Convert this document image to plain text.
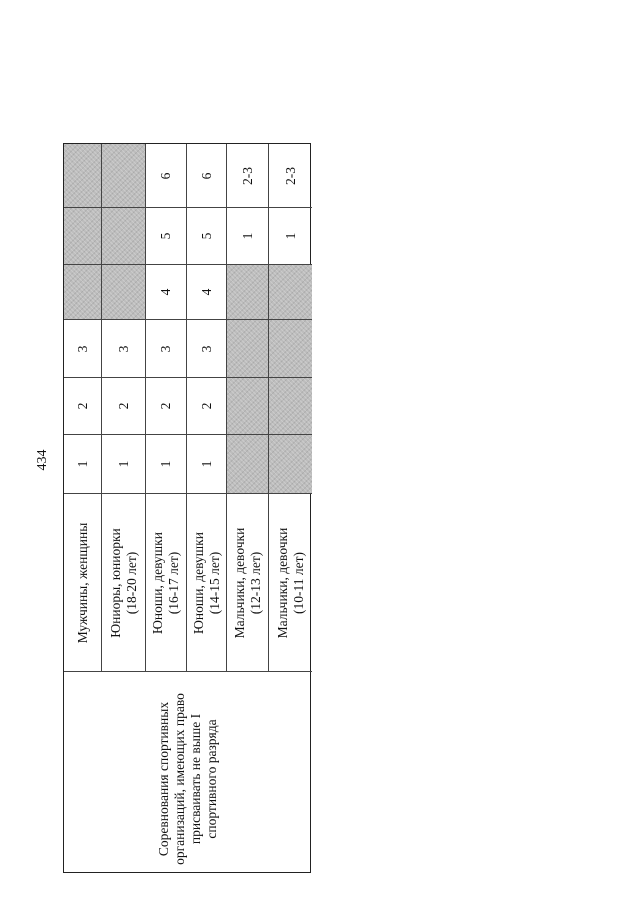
434
6 6 2-3 2-3
5 5 1 1
4 4
3 3 3 3
2 2 2 2
1 1 1 1
Мужчины, женщины Юниоры, юниорки (18-20 лет) Юноши, девушки (16-17 лет) Юноши, девушки (14-15 лет) Мальчики, девочки (12-13 лет) Мальчики, девочки (10-11 лет)
Соревнования спортивных организаций, имеющих право присваивать не выше I спортивного разряда
